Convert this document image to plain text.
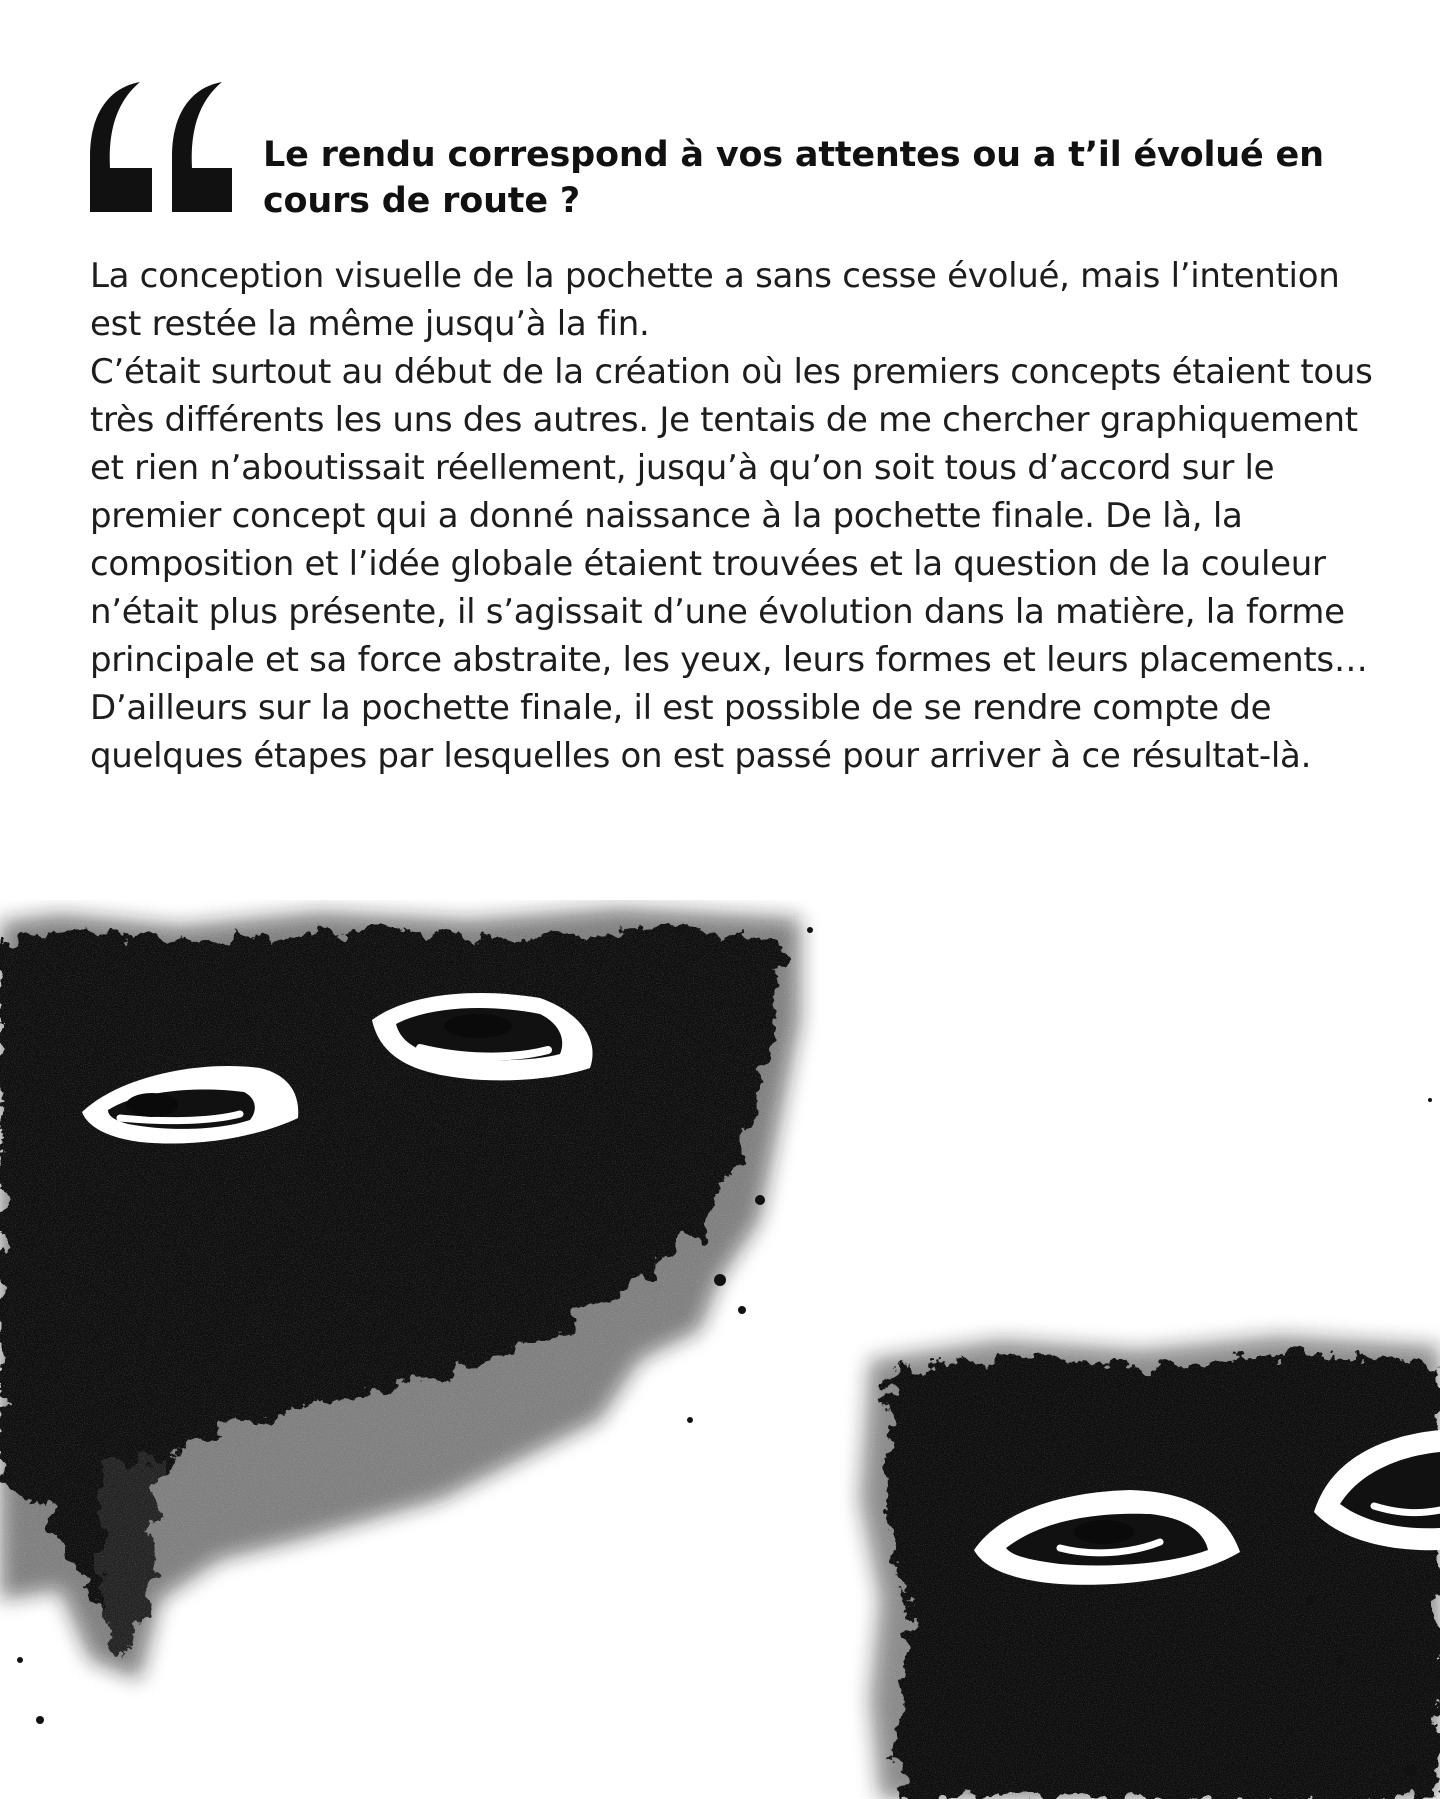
Le rendu correspond à vos attentes ou a t’il évolué en cours de route ?

La conception visuelle de la pochette a sans cesse évolué, mais l’intention est restée la même jusqu’à la fin.
C’était surtout au début de la création où les premiers concepts étaient tous très différents les uns des autres. Je tentais de me chercher graphiquement et rien n’aboutissait réellement, jusqu’à qu’on soit tous d’accord sur le premier concept qui a donné naissance à la pochette finale. De là, la composition et l’idée globale étaient trouvées et la question de la couleur n’était plus présente, il s’agissait d’une évolution dans la matière, la forme principale et sa force abstraite, les yeux, leurs formes et leurs placements… D’ailleurs sur la pochette finale, il est possible de se rendre compte de quelques étapes par lesquelles on est passé pour arriver à ce résultat-là.
